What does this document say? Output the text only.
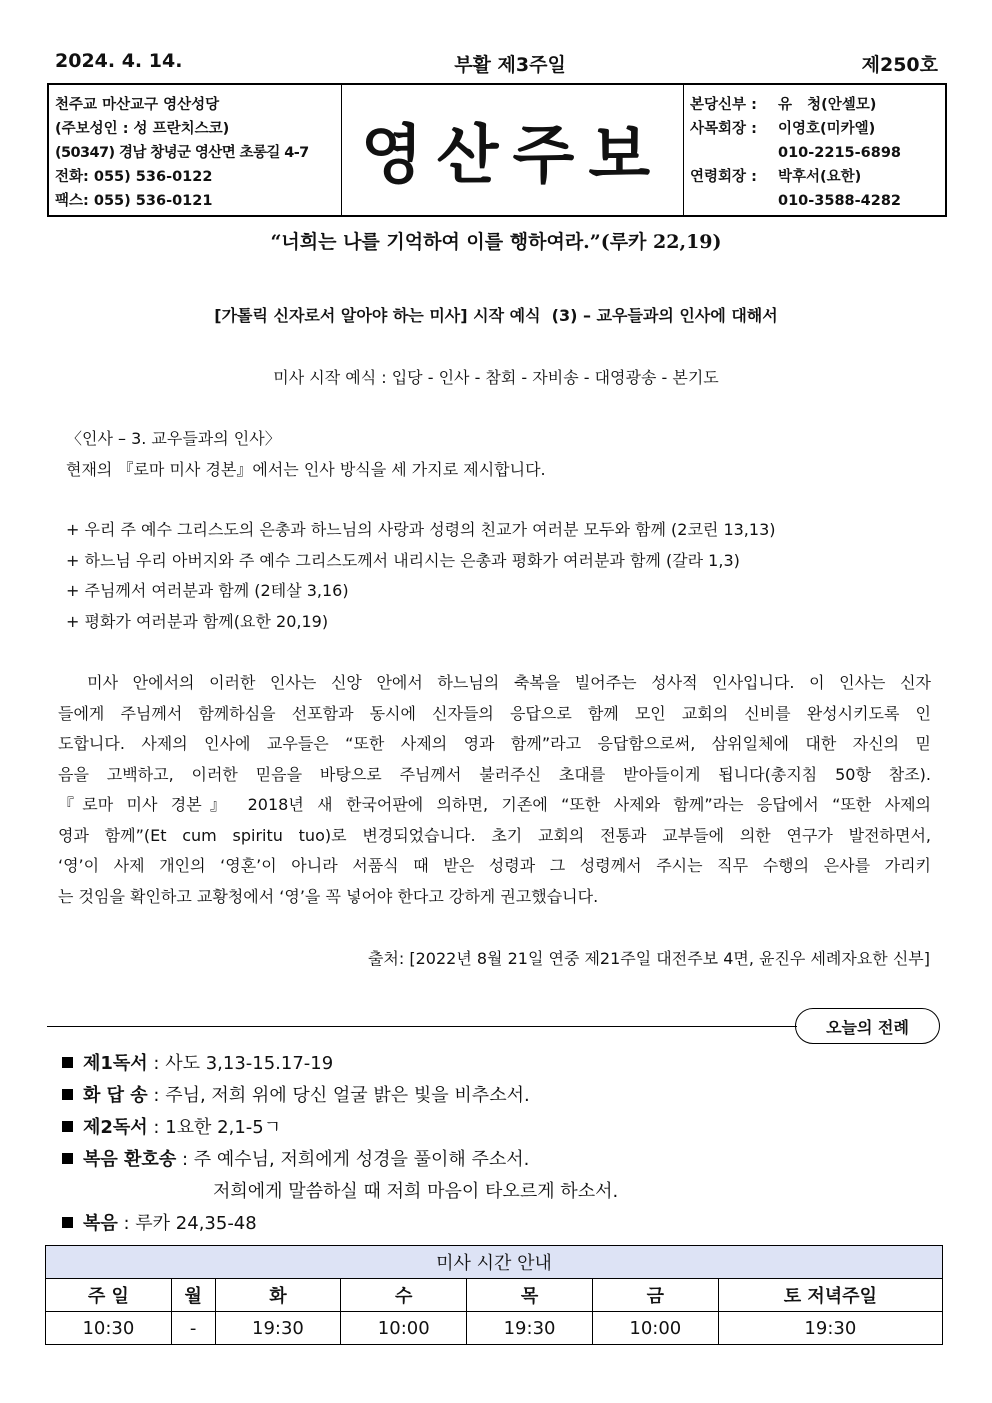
2024. 4. 14.	부활 제3주일	제250호
천주교 마산교구 영산성당
(주보성인 : 성 프란치스코)
(50347) 경남 창녕군 영산면 초롱길 4-7
전화: 055) 536-0122
팩스: 055) 536-0121
영산주보
본당신부 :	유   청(안셀모)
사목회장 :	이영호(미카엘)
010-2215-6898
연령회장 :	박후서(요한)
010-3588-4282
“너희는 나를 기억하여 이를 행하여라.”(루카 22,19)
[가톨릭 신자로서 알아야 하는 미사] 시작 예식  (3) – 교우들과의 인사에 대해서
미사 시작 예식 : 입당 - 인사 - 참회 - 자비송 - 대영광송 - 본기도
〈인사 – 3. 교우들과의 인사〉
현재의 『로마 미사 경본』에서는 인사 방식을 세 가지로 제시합니다.
+ 우리 주 예수 그리스도의 은총과 하느님의 사랑과 성령의 친교가 여러분 모두와 함께 (2코린 13,13)
+ 하느님 우리 아버지와 주 예수 그리스도께서 내리시는 은총과 평화가 여러분과 함께 (갈라 1,3)
+ 주님께서 여러분과 함께 (2테살 3,16)
+ 평화가 여러분과 함께(요한 20,19)
미사 안에서의 이러한 인사는 신앙 안에서 하느님의 축복을 빌어주는 성사적 인사입니다. 이 인사는 신자
들에게 주님께서 함께하심을 선포함과 동시에 신자들의 응답으로 함께 모인 교회의 신비를 완성시키도록 인
도합니다. 사제의 인사에 교우들은 “또한 사제의 영과 함께”라고 응답함으로써, 삼위일체에 대한 자신의 믿
음을 고백하고, 이러한 믿음을 바탕으로 주님께서 불러주신 초대를 받아들이게 됩니다(총지침 50항 참조).
『로마 미사 경본』 2018년 새 한국어판에 의하면, 기존에 “또한 사제와 함께”라는 응답에서 “또한 사제의
영과 함께”(Et cum spiritu tuo)로 변경되었습니다. 초기 교회의 전통과 교부들에 의한 연구가 발전하면서,
‘영’이 사제 개인의 ‘영혼’이 아니라 서품식 때 받은 성령과 그 성령께서 주시는 직무 수행의 은사를 가리키
는 것임을 확인하고 교황청에서 ‘영’을 꼭 넣어야 한다고 강하게 권고했습니다.
출처: [2022년 8월 21일 연중 제21주일 대전주보 4면, 윤진우 세례자요한 신부]
오늘의 전례
제1독서 : 사도 3,13-15.17-19
화 답 송 : 주님, 저희 위에 당신 얼굴 밝은 빛을 비추소서.
제2독서 : 1요한 2,1-5ㄱ
복음 환호송 : 주 예수님, 저희에게 성경을 풀이해 주소서.
저희에게 말씀하실 때 저희 마음이 타오르게 하소서.
복음 : 루카 24,35-48
미사 시간 안내						
주 일	월	화	수	목	금	토 저녁주일
10:30	-	19:30	10:00	19:30	10:00	19:30
